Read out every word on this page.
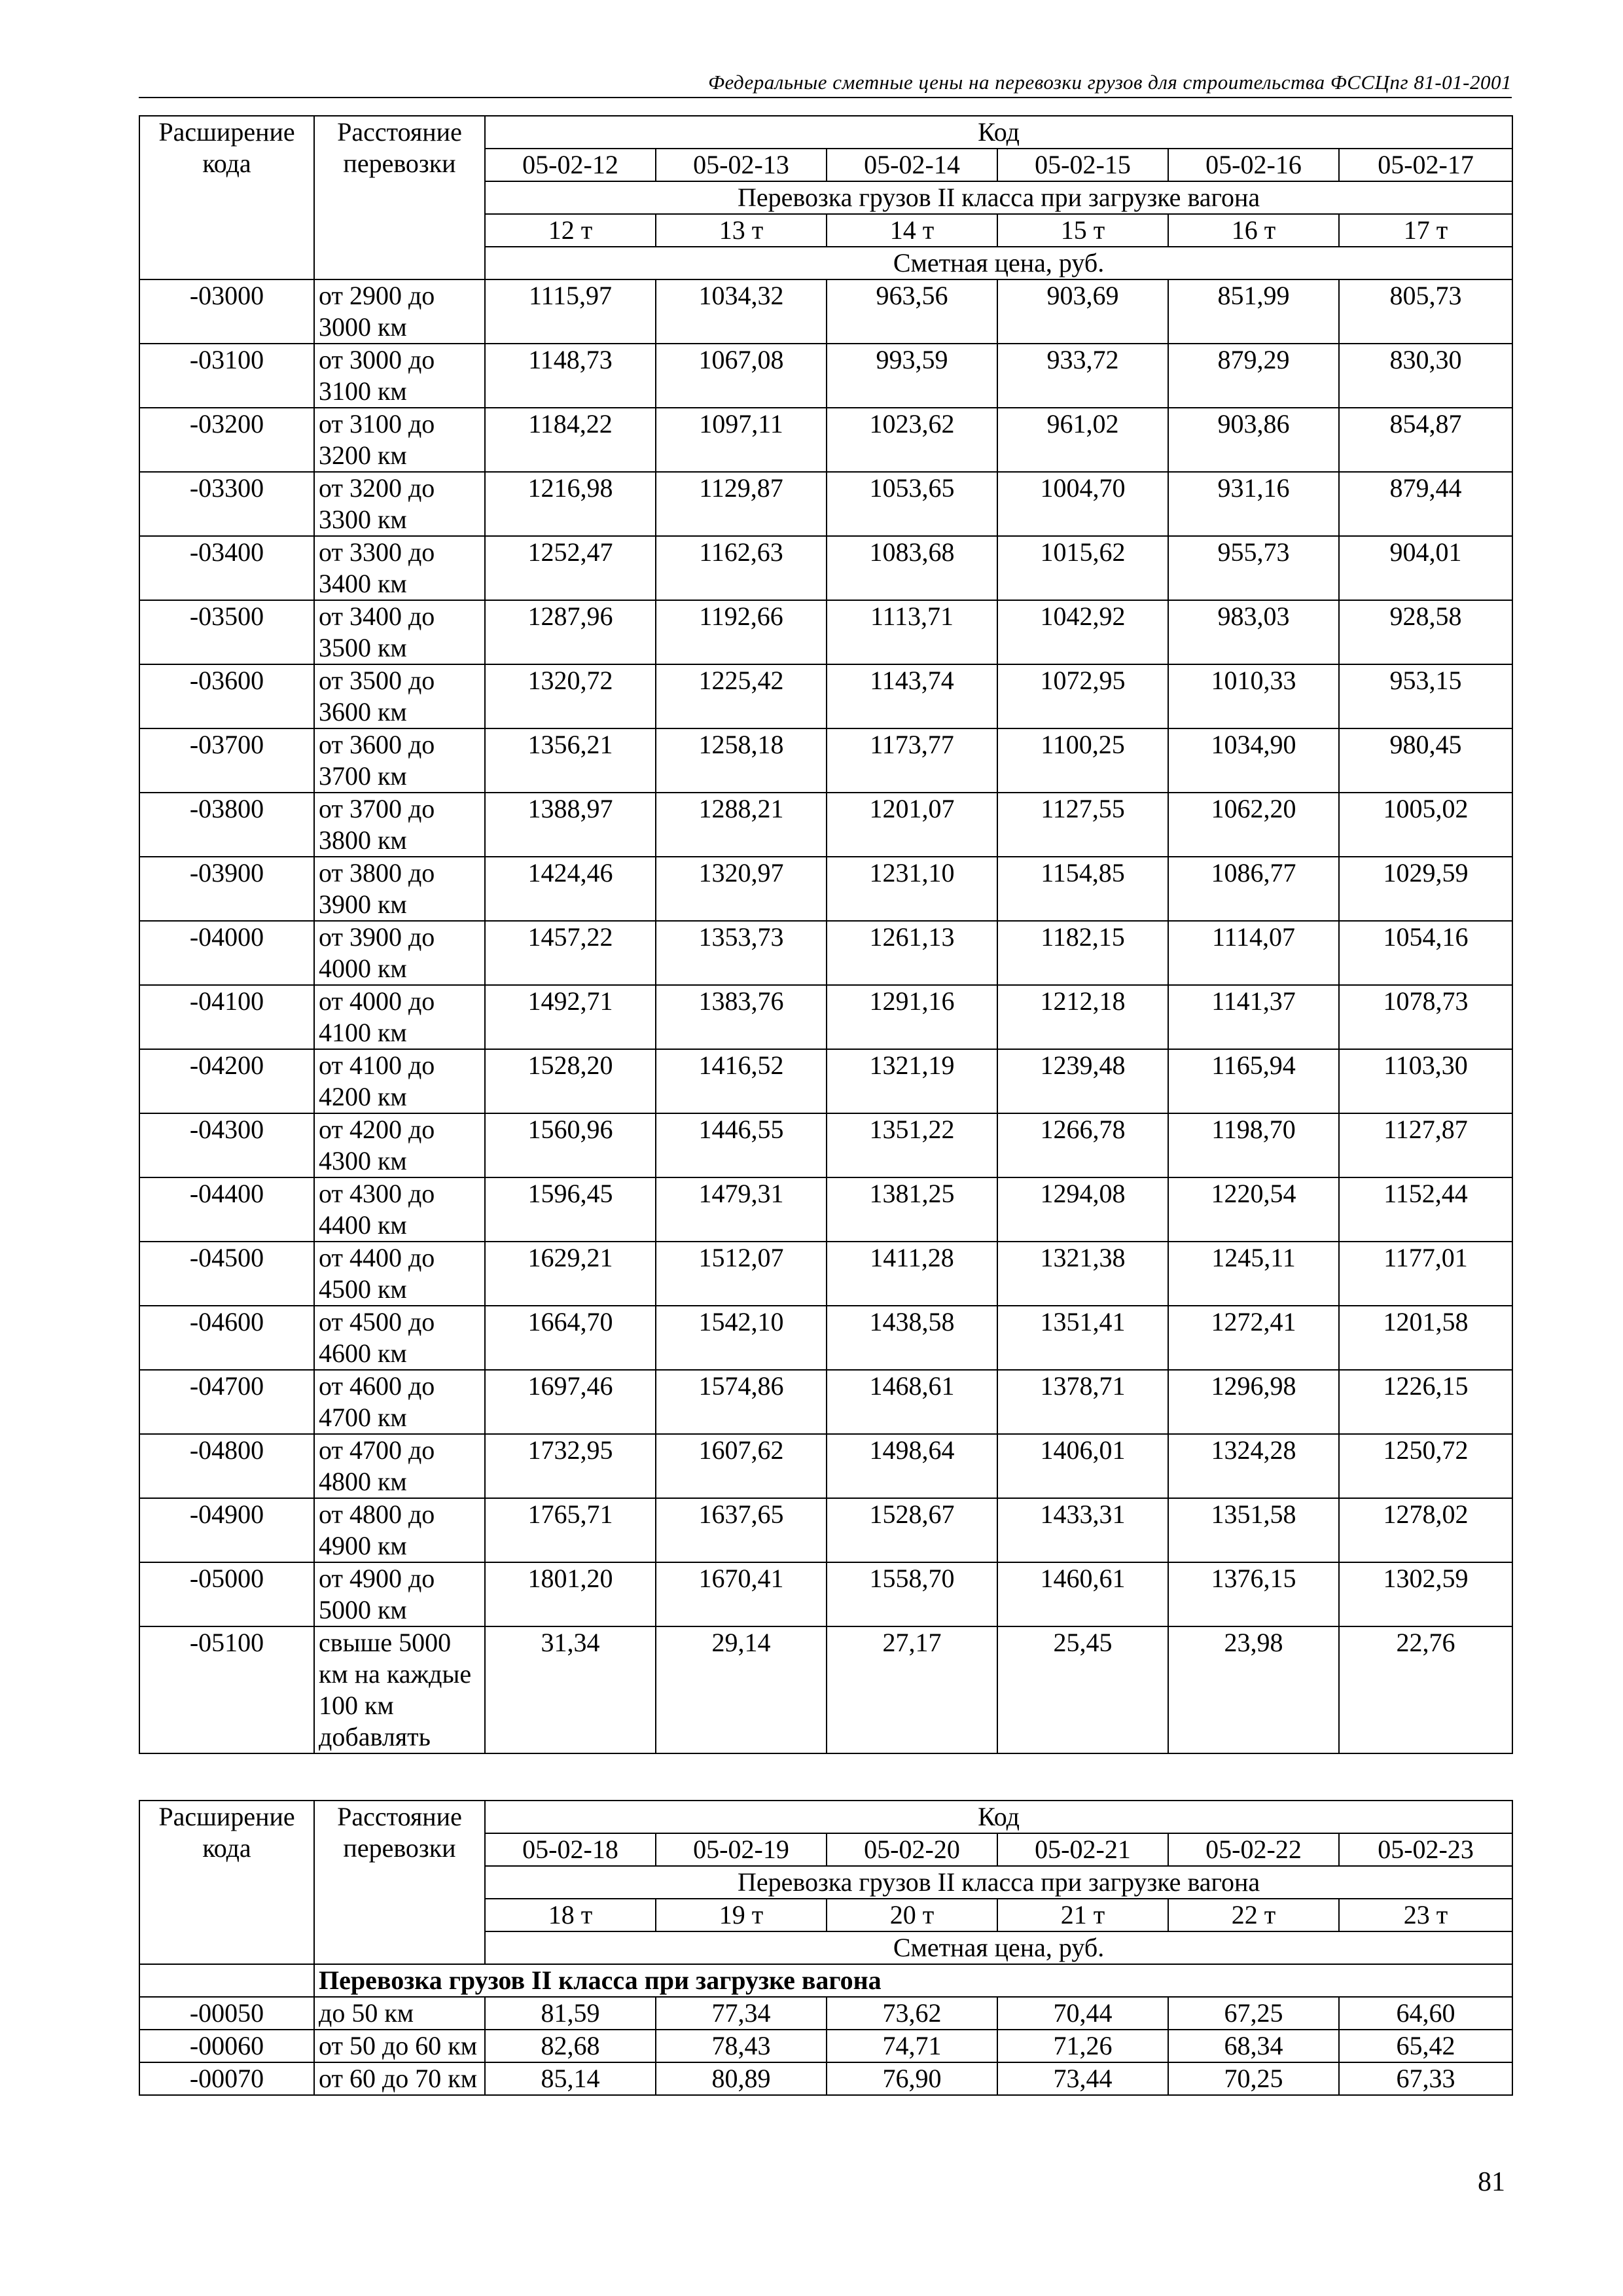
Федеральные сметные цены на перевозки грузов для строительства ФССЦпг 81-01-2001
Расширение кода	Расстояние перевозки	Код					
		05-02-12	05-02-13	05-02-14	05-02-15	05-02-16	05-02-17
		Перевозка грузов II класса при загрузке вагона					
		12 т	13 т	14 т	15 т	16 т	17 т
		Сметная цена, руб.					
-03000	от 2900 до 3000 км	1115,97	1034,32	963,56	903,69	851,99	805,73
-03100	от 3000 до 3100 км	1148,73	1067,08	993,59	933,72	879,29	830,30
-03200	от 3100 до 3200 км	1184,22	1097,11	1023,62	961,02	903,86	854,87
-03300	от 3200 до 3300 км	1216,98	1129,87	1053,65	1004,70	931,16	879,44
-03400	от 3300 до 3400 км	1252,47	1162,63	1083,68	1015,62	955,73	904,01
-03500	от 3400 до 3500 км	1287,96	1192,66	1113,71	1042,92	983,03	928,58
-03600	от 3500 до 3600 км	1320,72	1225,42	1143,74	1072,95	1010,33	953,15
-03700	от 3600 до 3700 км	1356,21	1258,18	1173,77	1100,25	1034,90	980,45
-03800	от 3700 до 3800 км	1388,97	1288,21	1201,07	1127,55	1062,20	1005,02
-03900	от 3800 до 3900 км	1424,46	1320,97	1231,10	1154,85	1086,77	1029,59
-04000	от 3900 до 4000 км	1457,22	1353,73	1261,13	1182,15	1114,07	1054,16
-04100	от 4000 до 4100 км	1492,71	1383,76	1291,16	1212,18	1141,37	1078,73
-04200	от 4100 до 4200 км	1528,20	1416,52	1321,19	1239,48	1165,94	1103,30
-04300	от 4200 до 4300 км	1560,96	1446,55	1351,22	1266,78	1198,70	1127,87
-04400	от 4300 до 4400 км	1596,45	1479,31	1381,25	1294,08	1220,54	1152,44
-04500	от 4400 до 4500 км	1629,21	1512,07	1411,28	1321,38	1245,11	1177,01
-04600	от 4500 до 4600 км	1664,70	1542,10	1438,58	1351,41	1272,41	1201,58
-04700	от 4600 до 4700 км	1697,46	1574,86	1468,61	1378,71	1296,98	1226,15
-04800	от 4700 до 4800 км	1732,95	1607,62	1498,64	1406,01	1324,28	1250,72
-04900	от 4800 до 4900 км	1765,71	1637,65	1528,67	1433,31	1351,58	1278,02
-05000	от 4900 до 5000 км	1801,20	1670,41	1558,70	1460,61	1376,15	1302,59
-05100	свыше 5000 км на каждые 100 км добавлять	31,34	29,14	27,17	25,45	23,98	22,76
Расширение кода	Расстояние перевозки	Код					
		05-02-18	05-02-19	05-02-20	05-02-21	05-02-22	05-02-23
		Перевозка грузов II класса при загрузке вагона					
		18 т	19 т	20 т	21 т	22 т	23 т
		Сметная цена, руб.					
	Перевозка грузов II класса при загрузке вагона						
-00050	до 50 км	81,59	77,34	73,62	70,44	67,25	64,60
-00060	от 50 до 60 км	82,68	78,43	74,71	71,26	68,34	65,42
-00070	от 60 до 70 км	85,14	80,89	76,90	73,44	70,25	67,33
81
